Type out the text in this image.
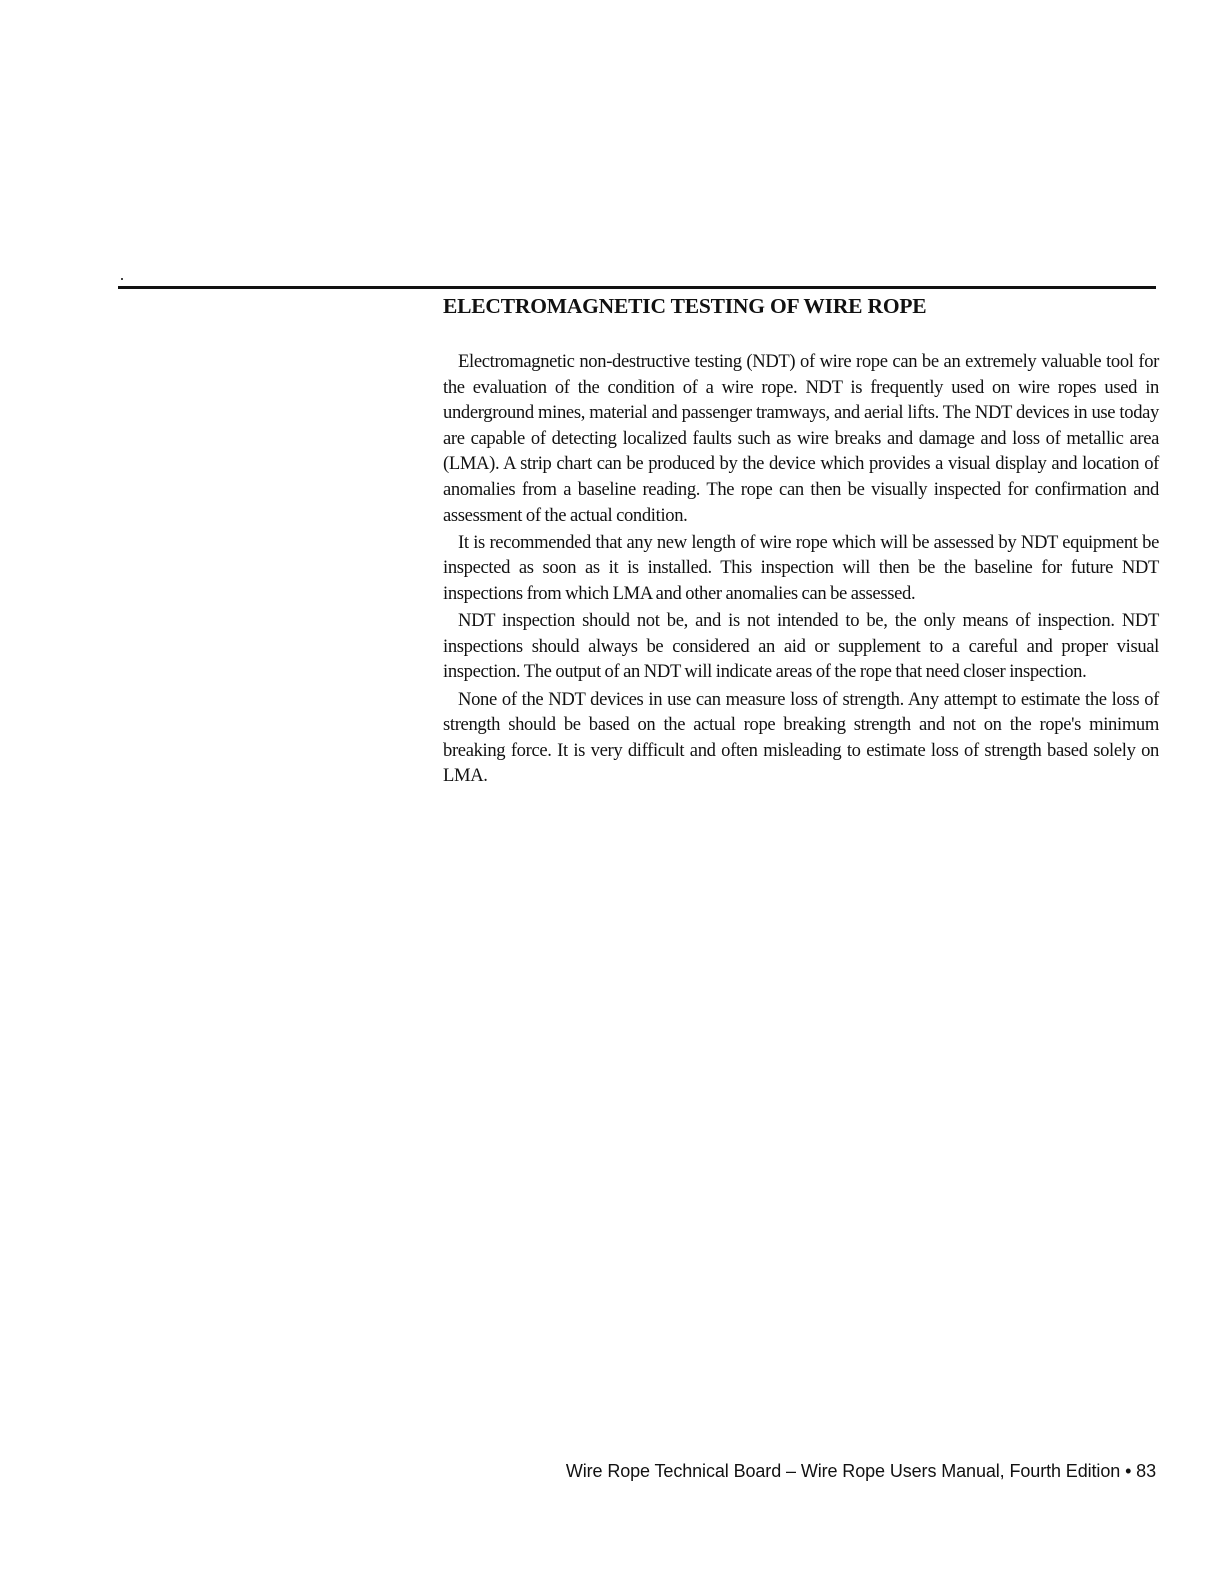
ELECTROMAGNETIC TESTING OF WIRE ROPE

Electromagnetic non-destructive testing (NDT) of wire rope can be an extremely valuable tool for the evaluation of the condition of a wire rope. NDT is frequently used on wire ropes used in underground mines, material and passenger tramways, and aerial lifts. The NDT devices in use today are capable of detecting localized faults such as wire breaks and damage and loss of metallic area (LMA). A strip chart can be produced by the device which provides a visual display and location of anomalies from a baseline reading. The rope can then be visually inspected for confirmation and assessment of the actual condition.

It is recommended that any new length of wire rope which will be assessed by NDT equipment be inspected as soon as it is installed. This inspection will then be the baseline for future NDT inspections from which LMA and other anomalies can be assessed.

NDT inspection should not be, and is not intended to be, the only means of inspection. NDT inspections should always be considered an aid or supplement to a careful and proper visual inspection. The output of an NDT will indicate areas of the rope that need closer inspection.

None of the NDT devices in use can measure loss of strength. Any attempt to estimate the loss of strength should be based on the actual rope breaking strength and not on the rope's minimum breaking force. It is very difficult and often misleading to estimate loss of strength based solely on LMA.

Wire Rope Technical Board – Wire Rope Users Manual, Fourth Edition • 83
